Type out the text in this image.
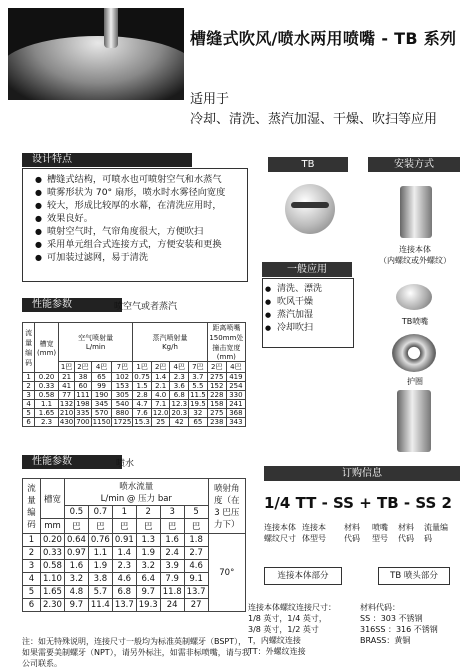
槽缝式吹风/喷水两用喷嘴 - TB 系列
适用于
冷却、清洗、蒸汽加湿、干燥、吹扫等应用
设计特点
● 槽缝式结构，可喷水也可喷射空气和水蒸气
● 喷雾形状为 70° 扇形，喷水时水雾径向宽度
● 较大，形成比较厚的水幕，在清洗应用时，
● 效果良好。
● 喷射空气时，气帘角度很大，方便吹扫
● 采用单元组合式连接方式，方便安装和更换
● 可加装过滤网，易于清洗
性能参数	喷空气或者蒸汽
流量编码	槽宽(mm)	空气喷射量
L/min				蒸汽喷射量
Kg/h				距离喷嘴
150mm处撞击宽度(mm)	
		1巴	2巴	4巴	7巴	1巴	2巴	4巴	7巴	2巴	4巴
1	0.20	21	38	65	102	0.75	1.4	2.3	3.7	275	419
2	0.33	41	60	99	153	1.5	2.1	3.6	5.5	152	254
3	0.58	77	111	190	305	2.8	4.0	6.8	11.5	228	330
4	1.1	132	198	345	540	4.7	7.1	12.3	19.5	158	241
5	1.65	210	335	570	880	7.6	12.0	20.3	32	275	368
6	2.3	430	700	1150	1725	15.3	25	42	65	238	343
性能参数	喷水
流量编码	槽宽	喷水流量
L/min @ 压力 bar						喷射角度（在 3 巴压力下）
		0.5	0.7	1	2	3	5	
	mm	巴	巴	巴	巴	巴	巴	
1	0.20	0.64	0.76	0.91	1.3	1.6	1.8	70°
2	0.33	0.97	1.1	1.4	1.9	2.4	2.7	
3	0.58	1.6	1.9	2.3	3.2	3.9	4.6	
4	1.10	3.2	3.8	4.6	6.4	7.9	9.1	
5	1.65	4.8	5.7	6.8	9.7	11.8	13.7	
6	2.30	9.7	11.4	13.7	19.3	24	27	
注：如无特殊说明，连接尺寸一般均为标准英制螺牙（BSPT），如果需要美制螺牙（NPT），请另外标注，如需非标喷嘴，请与我公司联系。
TB	安装方式
连接本体
（内螺纹或外螺纹）
一般应用
● 清洗、漂洗
● 吹风干燥
● 蒸汽加湿
● 冷却吹扫
TB喷嘴
护圈
订购信息
1/4 TT - SS + TB - SS 2
连接本体螺纹尺寸
连接本体型号
材料代码
喷嘴型号
材料代码
流量编码
连接本体部分	TB 喷头部分
连接本体螺纹连接尺寸：
1/8 英寸，1/4 英寸，
3/8 英寸，1/2 英寸
T，内螺纹连接
TT：外螺纹连接
材料代码：
SS ：303 不锈钢
316SS ：316 不锈钢
BRASS：黄铜
